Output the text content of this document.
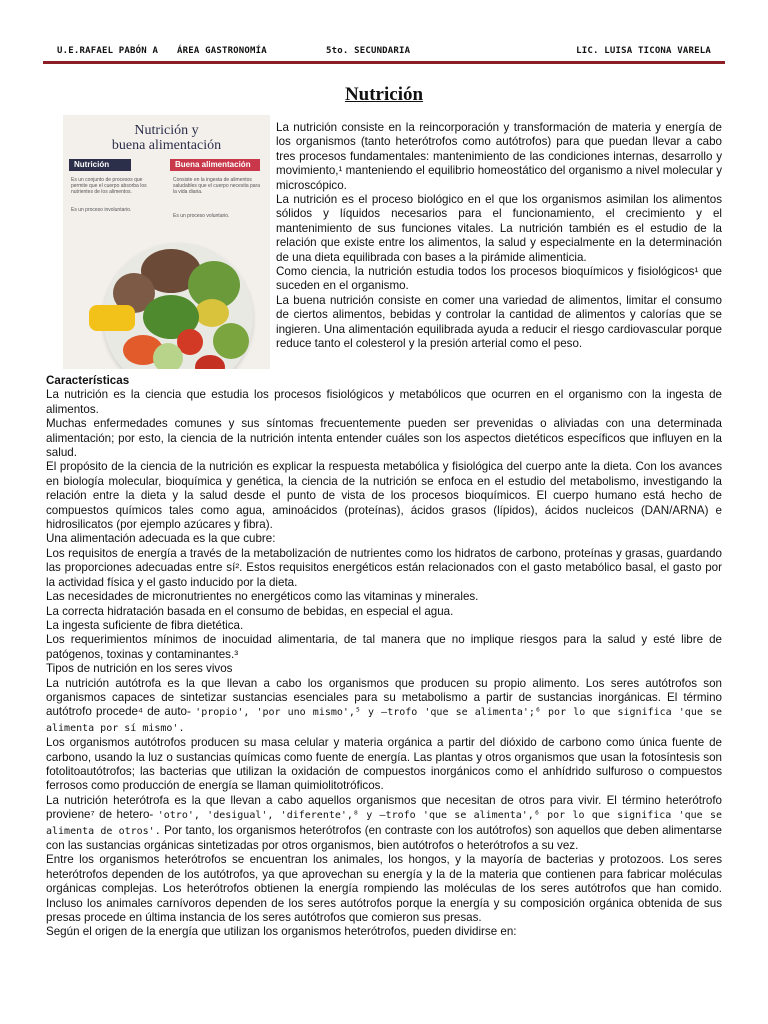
U.E.RAFAEL PABÓN A ÁREA GASTRONOMÍA	5to. SECUNDARIA	LIC. LUISA TICONA VARELA
Nutrición
Nutrición y
buena alimentación
Nutrición	Buena alimentación
Es un conjunto de procesos que permite que el cuerpo absorba los nutrientes de los alimentos.
Es un proceso involuntario.
Consiste en la ingesta de alimentos saludables que el cuerpo necesita para la vida diaria.
Es un proceso voluntario.

La nutrición consiste en la reincorporación y transformación de materia y energía de los organismos (tanto heterótrofos como autótrofos) para que puedan llevar a cabo tres procesos fundamentales: mantenimiento de las condiciones internas, desarrollo y movimiento,¹ manteniendo el equilibrio homeostático del organismo a nivel molecular y microscópico.

La nutrición es el proceso biológico en el que los organismos asimilan los alimentos sólidos y líquidos necesarios para el funcionamiento, el crecimiento y el mantenimiento de sus funciones vitales. La nutrición también es el estudio de la relación que existe entre los alimentos, la salud y especialmente en la determinación de una dieta equilibrada con bases a la pirámide alimenticia.

Como ciencia, la nutrición estudia todos los procesos bioquímicos y fisiológicos¹ que suceden en el organismo.

La buena nutrición consiste en comer una variedad de alimentos, limitar el consumo de ciertos alimentos, bebidas y controlar la cantidad de alimentos y calorías que se ingieren. Una alimentación equilibrada ayuda a reducir el riesgo cardiovascular porque reduce tanto el colesterol y la presión arterial como el peso.

Características

La nutrición es la ciencia que estudia los procesos fisiológicos y metabólicos que ocurren en el organismo con la ingesta de alimentos.

Muchas enfermedades comunes y sus síntomas frecuentemente pueden ser prevenidas o aliviadas con una determinada alimentación; por esto, la ciencia de la nutrición intenta entender cuáles son los aspectos dietéticos específicos que influyen en la salud.

El propósito de la ciencia de la nutrición es explicar la respuesta metabólica y fisiológica del cuerpo ante la dieta. Con los avances en biología molecular, bioquímica y genética, la ciencia de la nutrición se enfoca en el estudio del metabolismo, investigando la relación entre la dieta y la salud desde el punto de vista de los procesos bioquímicos. El cuerpo humano está hecho de compuestos químicos tales como agua, aminoácidos (proteínas), ácidos grasos (lípidos), ácidos nucleicos (DAN/ARNA) e hidrosilicatos (por ejemplo azúcares y fibra).

Una alimentación adecuada es la que cubre:

Los requisitos de energía a través de la metabolización de nutrientes como los hidratos de carbono, proteínas y grasas, guardando las proporciones adecuadas entre sí². Estos requisitos energéticos están relacionados con el gasto metabólico basal, el gasto por la actividad física y el gasto inducido por la dieta.

Las necesidades de micronutrientes no energéticos como las vitaminas y minerales.

La correcta hidratación basada en el consumo de bebidas, en especial el agua.

La ingesta suficiente de fibra dietética.

Los requerimientos mínimos de inocuidad alimentaria, de tal manera que no implique riesgos para la salud y esté libre de patógenos, toxinas y contaminantes.³

Tipos de nutrición en los seres vivos

La nutrición autótrofa es la que llevan a cabo los organismos que producen su propio alimento. Los seres autótrofos son organismos capaces de sintetizar sustancias esenciales para su metabolismo a partir de sustancias inorgánicas. El término autótrofo procede⁴ de auto- 'propio', 'por uno mismo',⁵ y –trofo 'que se alimenta';⁶ por lo que significa 'que se alimenta por sí mismo'.

Los organismos autótrofos producen su masa celular y materia orgánica a partir del dióxido de carbono como única fuente de carbono, usando la luz o sustancias químicas como fuente de energía. Las plantas y otros organismos que usan la fotosíntesis son fotolitoautótrofos; las bacterias que utilizan la oxidación de compuestos inorgánicos como el anhídrido sulfuroso o compuestos ferrosos como producción de energía se llaman quimiolitotróficos.

La nutrición heterótrofa es la que llevan a cabo aquellos organismos que necesitan de otros para vivir. El término heterótrofo proviene⁷ de hetero- 'otro', 'desigual', 'diferente',⁸ y –trofo 'que se alimenta',⁶ por lo que significa 'que se alimenta de otros'. Por tanto, los organismos heterótrofos (en contraste con los autótrofos) son aquellos que deben alimentarse con las sustancias orgánicas sintetizadas por otros organismos, bien autótrofos o heterótrofos a su vez.

Entre los organismos heterótrofos se encuentran los animales, los hongos, y la mayoría de bacterias y protozoos. Los seres heterótrofos dependen de los autótrofos, ya que aprovechan su energía y la de la materia que contienen para fabricar moléculas orgánicas complejas. Los heterótrofos obtienen la energía rompiendo las moléculas de los seres autótrofos que han comido. Incluso los animales carnívoros dependen de los seres autótrofos porque la energía y su composición orgánica obtenida de sus presas procede en última instancia de los seres autótrofos que comieron sus presas.

Según el origen de la energía que utilizan los organismos heterótrofos, pueden dividirse en:
